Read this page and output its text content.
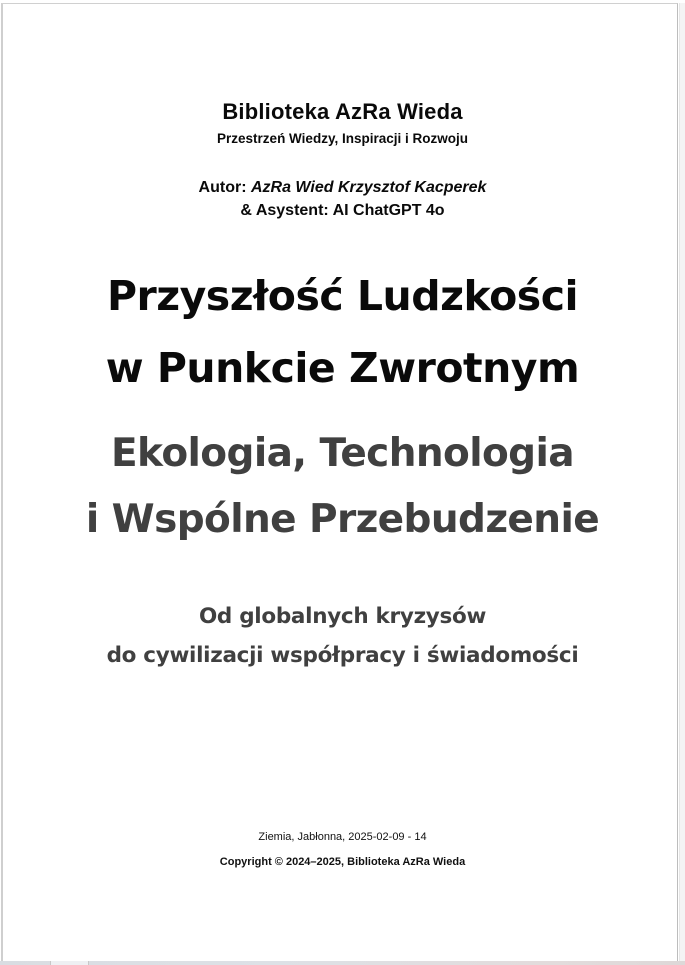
Biblioteka AzRa Wieda
Przestrzeń Wiedzy, Inspiracji i Rozwoju
Autor: AzRa Wied Krzysztof Kacperek
& Asystent: AI ChatGPT 4o
Przyszłość Ludzkości
w Punkcie Zwrotnym
Ekologia, Technologia
i Wspólne Przebudzenie
Od globalnych kryzysów
do cywilizacji współpracy i świadomości
Ziemia, Jabłonna, 2025-02-09 - 14
Copyright © 2024–2025, Biblioteka AzRa Wieda
